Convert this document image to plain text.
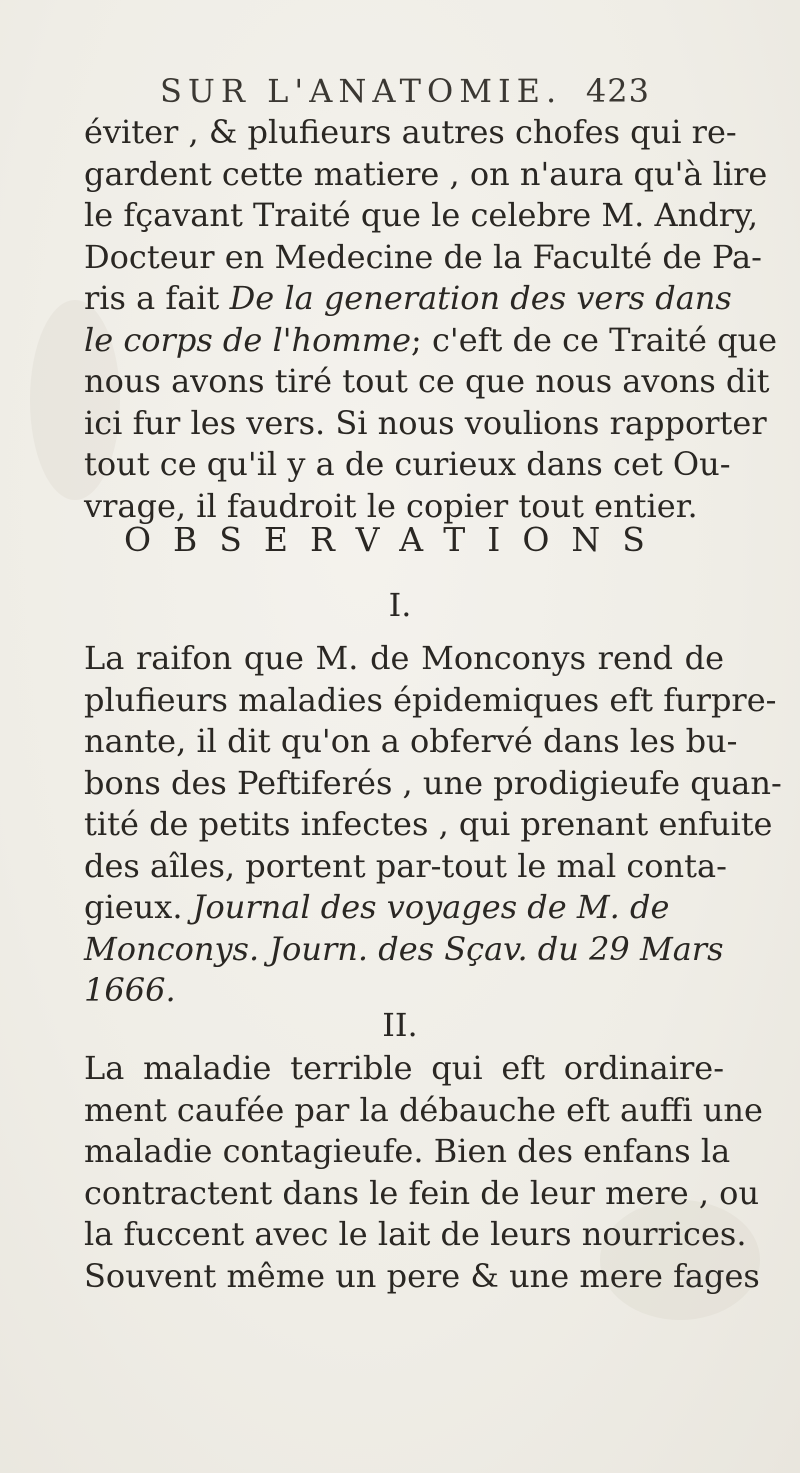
SUR L'ANATOMIE. 423
éviter , & plufieurs autres chofes qui re-
gardent cette matiere , on n'aura qu'à lire
le fçavant Traité que le celebre M. Andry,
Docteur en Medecine de la Faculté de Pa-
ris a fait De la generation des vers dans
le corps de l'homme; c'eft de ce Traité que
nous avons tiré tout ce que nous avons dit
ici fur les vers. Si nous voulions rapporter
tout ce qu'il y a de curieux dans cet Ou-
vrage, il faudroit le copier tout entier.
OBSERVATIONS
I.
La raifon que M. de Monconys rend de
plufieurs maladies épidemiques eft furpre-
nante, il dit qu'on a obfervé dans les bu-
bons des Peftiferés , une prodigieufe quan-
tité de petits infectes , qui prenant enfuite
des aîles, portent par-tout le mal conta-
gieux. Journal des voyages de M. de
Monconys. Journ. des Sçav. du 29 Mars
1666.
II.
La maladie terrible qui eft ordinaire-
ment caufée par la débauche eft auffi une
maladie contagieufe. Bien des enfans la
contractent dans le fein de leur mere , ou
la fuccent avec le lait de leurs nourrices.
Souvent même un pere & une mere fages
